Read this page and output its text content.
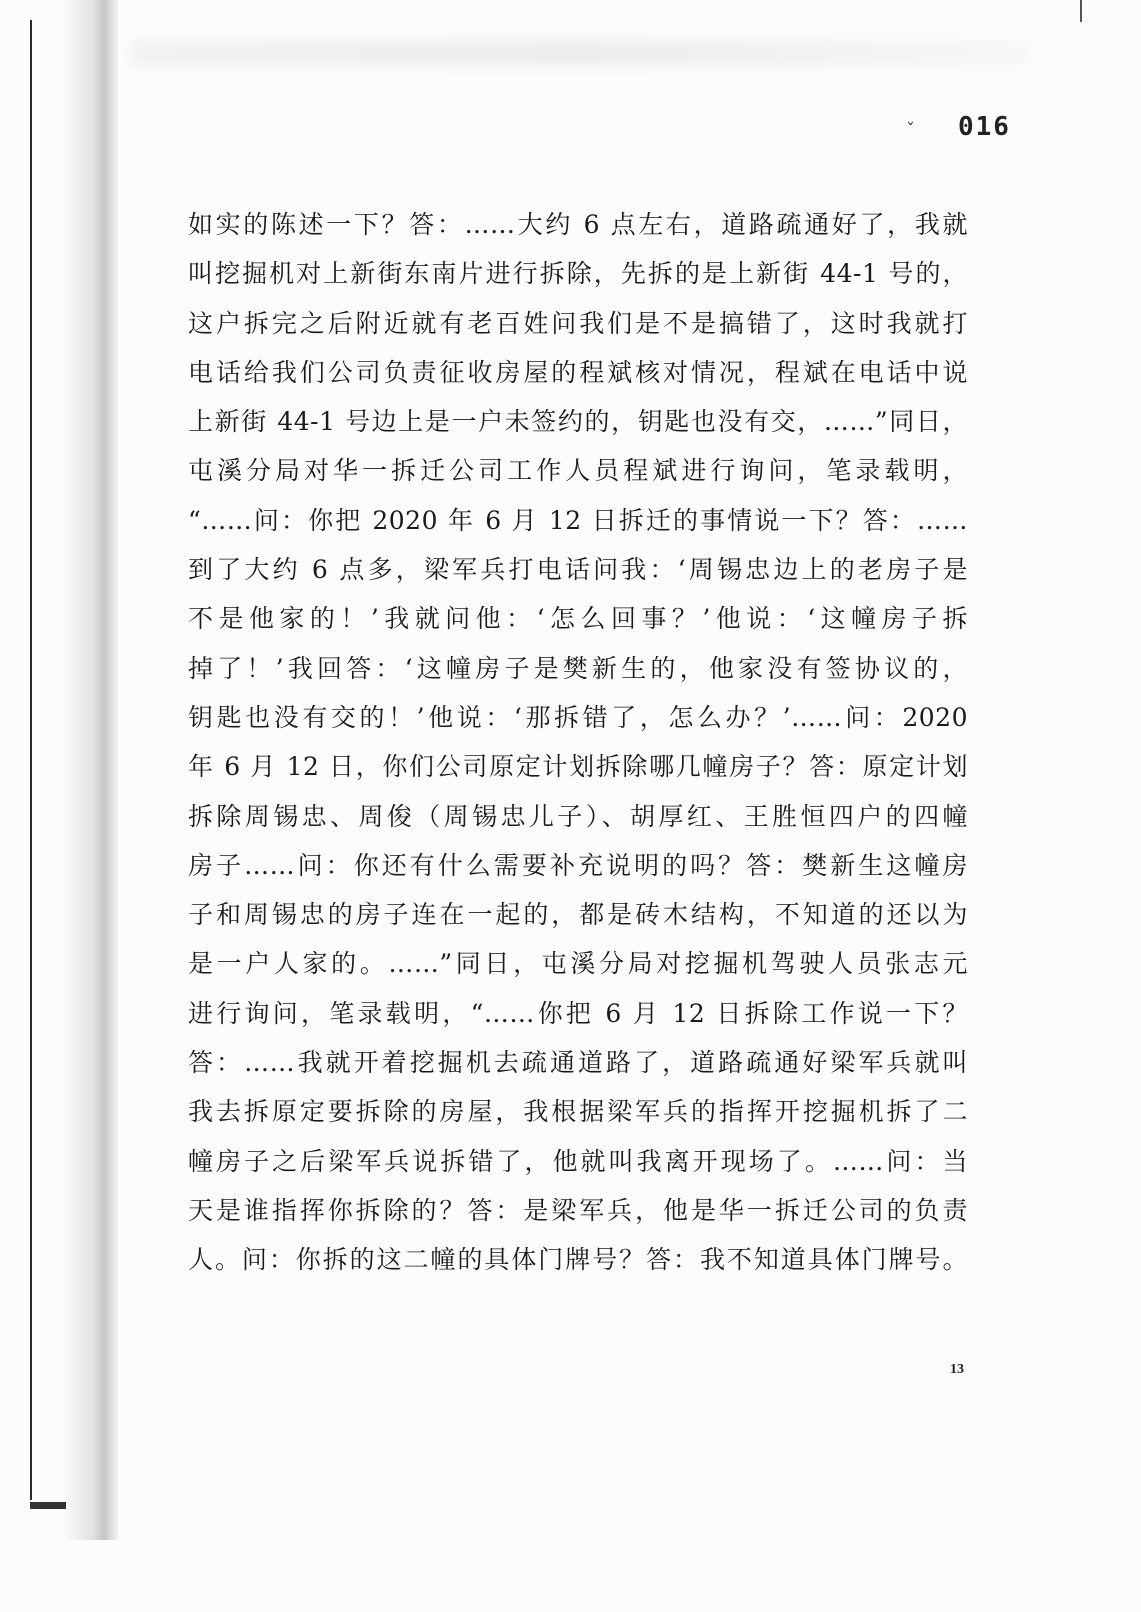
ˇ 016
如实的陈述一下？答：……大约 6 点左右，道路疏通好了，我就
叫挖掘机对上新街东南片进行拆除，先拆的是上新街 44-1 号的，
这户拆完之后附近就有老百姓问我们是不是搞错了，这时我就打
电话给我们公司负责征收房屋的程斌核对情况，程斌在电话中说
上新街 44-1 号边上是一户未签约的，钥匙也没有交，……”同日，
屯溪分局对华一拆迁公司工作人员程斌进行询问，笔录载明，
“……问：你把 2020 年 6 月 12 日拆迁的事情说一下？答：……
到了大约 6 点多，梁军兵打电话问我：‘周锡忠边上的老房子是
不是他家的！’我就问他：‘怎么回事？’他说：‘这幢房子拆
掉了！’我回答：‘这幢房子是樊新生的，他家没有签协议的，
钥匙也没有交的！’他说：‘那拆错了，怎么办？’……问：2020
年 6 月 12 日，你们公司原定计划拆除哪几幢房子？答：原定计划
拆除周锡忠、周俊（周锡忠儿子）、胡厚红、王胜恒四户的四幢
房子……问：你还有什么需要补充说明的吗？答：樊新生这幢房
子和周锡忠的房子连在一起的，都是砖木结构，不知道的还以为
是一户人家的。……”同日，屯溪分局对挖掘机驾驶人员张志元
进行询问，笔录载明，“……你把 6 月 12 日拆除工作说一下？
答：……我就开着挖掘机去疏通道路了，道路疏通好梁军兵就叫
我去拆原定要拆除的房屋，我根据梁军兵的指挥开挖掘机拆了二
幢房子之后梁军兵说拆错了，他就叫我离开现场了。……问：当
天是谁指挥你拆除的？答：是梁军兵，他是华一拆迁公司的负责
人。问：你拆的这二幢的具体门牌号？答：我不知道具体门牌号。
13
